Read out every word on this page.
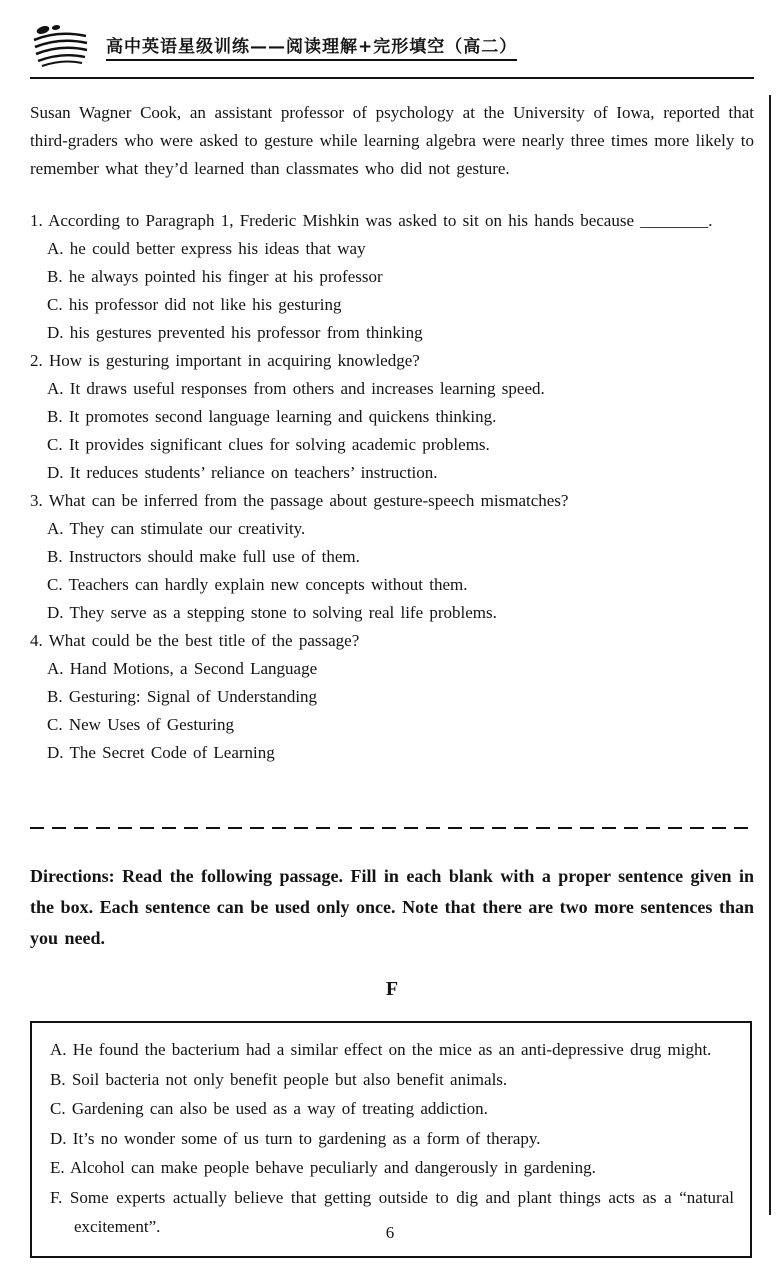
高中英语星级训练——阅读理解+完形填空（高二）
Susan Wagner Cook, an assistant professor of psychology at the University of Iowa, reported that third-graders who were asked to gesture while learning algebra were nearly three times more likely to remember what they’d learned than classmates who did not gesture.
1. According to Paragraph 1, Frederic Mishkin was asked to sit on his hands because ________.
A. he could better express his ideas that way
B. he always pointed his finger at his professor
C. his professor did not like his gesturing
D. his gestures prevented his professor from thinking
2. How is gesturing important in acquiring knowledge?
A. It draws useful responses from others and increases learning speed.
B. It promotes second language learning and quickens thinking.
C. It provides significant clues for solving academic problems.
D. It reduces students’ reliance on teachers’ instruction.
3. What can be inferred from the passage about gesture-speech mismatches?
A. They can stimulate our creativity.
B. Instructors should make full use of them.
C. Teachers can hardly explain new concepts without them.
D. They serve as a stepping stone to solving real life problems.
4. What could be the best title of the passage?
A. Hand Motions, a Second Language
B. Gesturing: Signal of Understanding
C. New Uses of Gesturing
D. The Secret Code of Learning
Directions: Read the following passage. Fill in each blank with a proper sentence given in the box. Each sentence can be used only once. Note that there are two more sentences than you need.
F
A. He found the bacterium had a similar effect on the mice as an anti-depressive drug might.
B. Soil bacteria not only benefit people but also benefit animals.
C. Gardening can also be used as a way of treating addiction.
D. It’s no wonder some of us turn to gardening as a form of therapy.
E. Alcohol can make people behave peculiarly and dangerously in gardening.
F. Some experts actually believe that getting outside to dig and plant things acts as a “natural excitement”.	6
